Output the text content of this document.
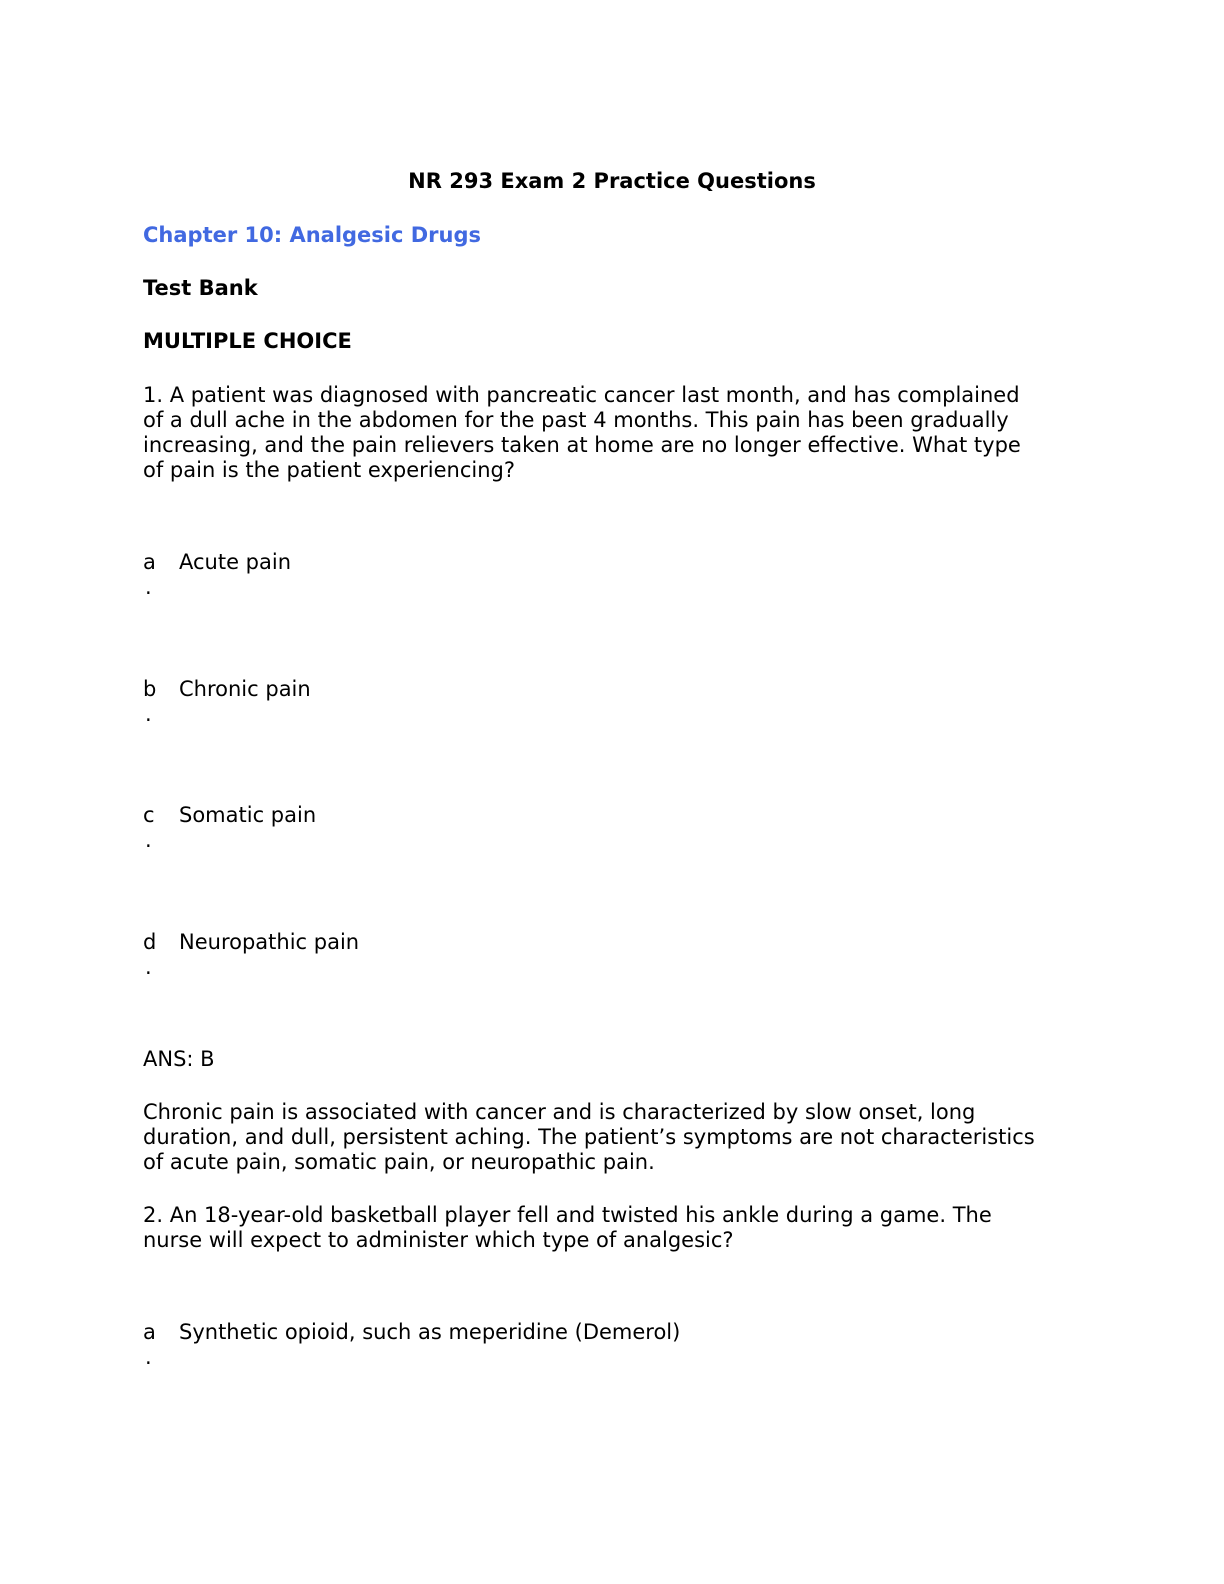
NR 293 Exam 2 Practice Questions
Chapter 10: Analgesic Drugs
Test Bank
MULTIPLE CHOICE
1. A patient was diagnosed with pancreatic cancer last month, and has complained
of a dull ache in the abdomen for the past 4 months. This pain has been gradually
increasing, and the pain relievers taken at home are no longer effective. What type
of pain is the patient experiencing?
a Acute pain
.
b Chronic pain
.
c Somatic pain
.
d Neuropathic pain
.
ANS: B
Chronic pain is associated with cancer and is characterized by slow onset, long
duration, and dull, persistent aching. The patient’s symptoms are not characteristics
of acute pain, somatic pain, or neuropathic pain.
2. An 18-year-old basketball player fell and twisted his ankle during a game. The
nurse will expect to administer which type of analgesic?
a Synthetic opioid, such as meperidine (Demerol)
.
